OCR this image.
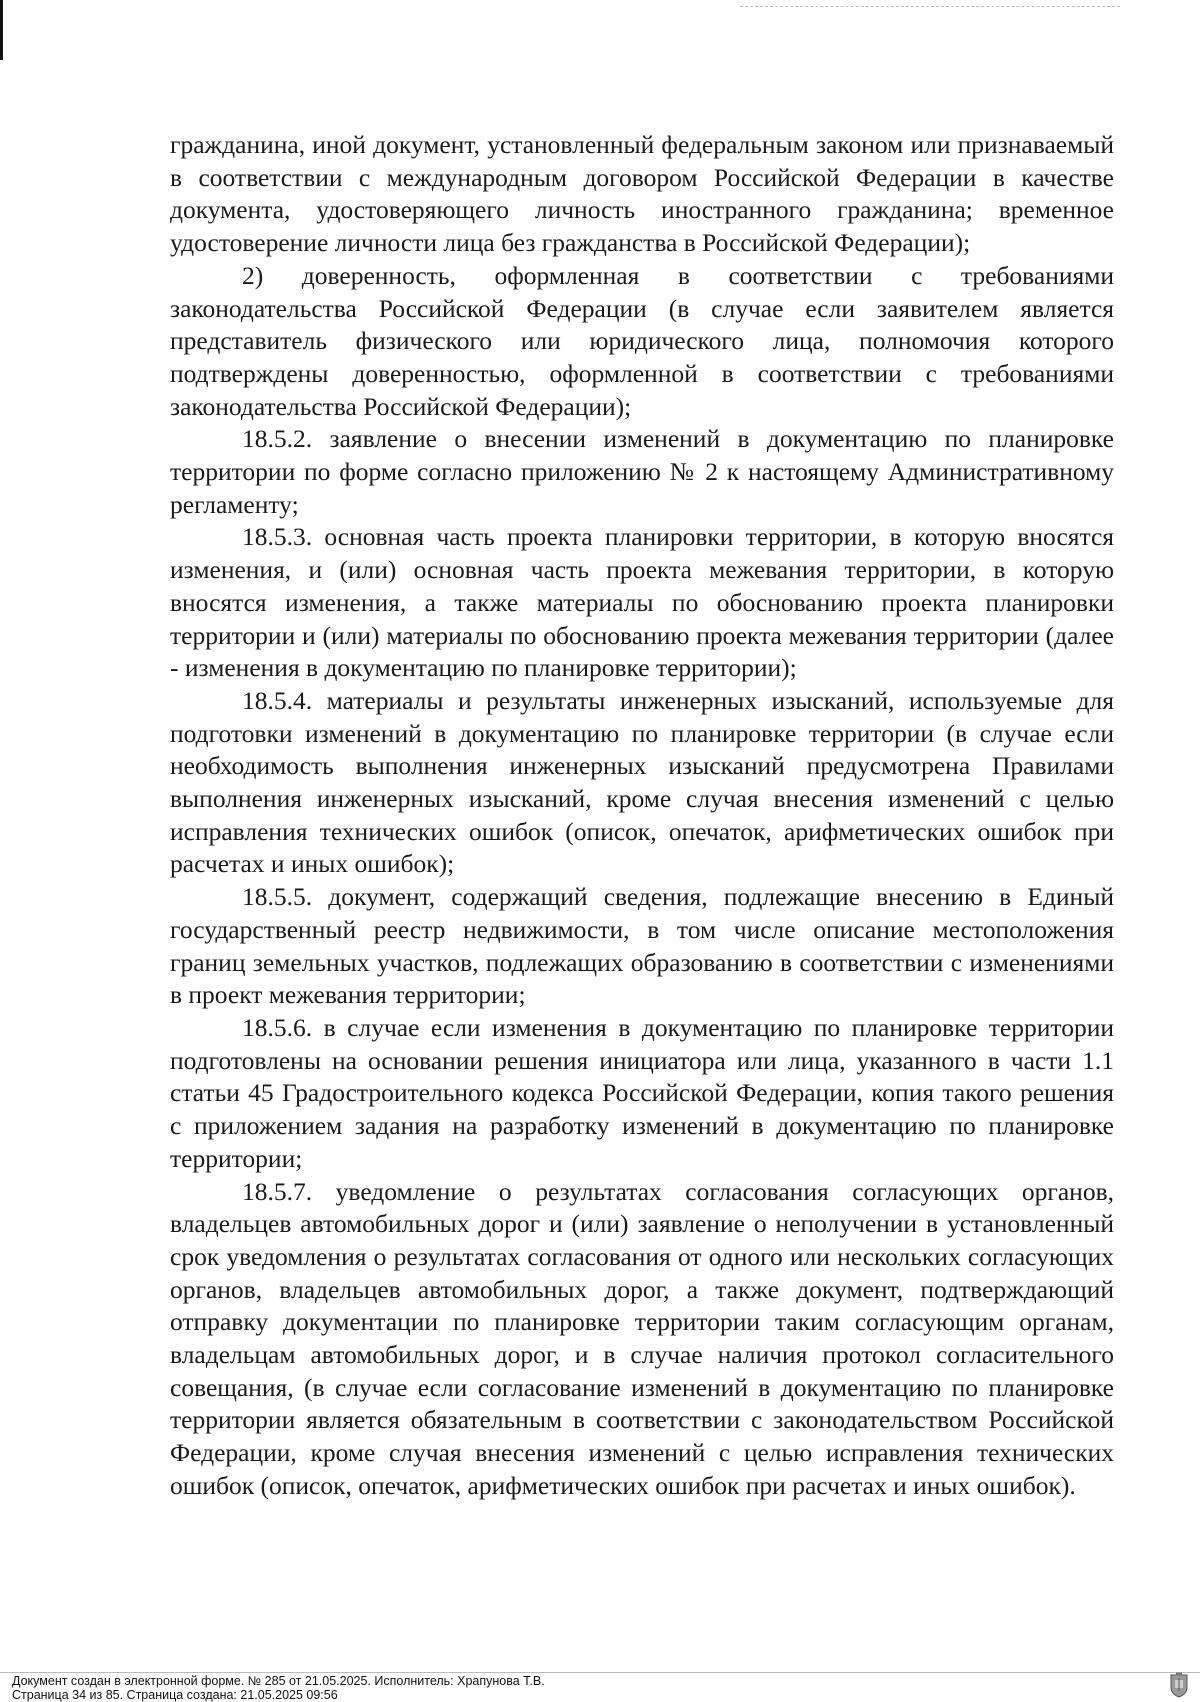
гражданина, иной документ, установленный федеральным законом или признаваемый в соответствии с международным договором Российской Федерации в качестве документа, удостоверяющего личность иностранного гражданина; временное удостоверение личности лица без гражданства в Российской Федерации);

2) доверенность, оформленная в соответствии с требованиями законодательства Российской Федерации (в случае если заявителем является представитель физического или юридического лица, полномочия которого подтверждены доверенностью, оформленной в соответствии с требованиями законодательства Российской Федерации);

18.5.2. заявление о внесении изменений в документацию по планировке территории по форме согласно приложению № 2 к настоящему Административному регламенту;

18.5.3. основная часть проекта планировки территории, в которую вносятся изменения, и (или) основная часть проекта межевания территории, в которую вносятся изменения, а также материалы по обоснованию проекта планировки территории и (или) материалы по обоснованию проекта межевания территории (далее - изменения в документацию по планировке территории);

18.5.4. материалы и результаты инженерных изысканий, используемые для подготовки изменений в документацию по планировке территории (в случае если необходимость выполнения инженерных изысканий предусмотрена Правилами выполнения инженерных изысканий, кроме случая внесения изменений с целью исправления технических ошибок (описок, опечаток, арифметических ошибок при расчетах и иных ошибок);

18.5.5. документ, содержащий сведения, подлежащие внесению в Единый государственный реестр недвижимости, в том числе описание местоположения границ земельных участков, подлежащих образованию в соответствии с изменениями в проект межевания территории;

18.5.6. в случае если изменения в документацию по планировке территории подготовлены на основании решения инициатора или лица, указанного в части 1.1 статьи 45 Градостроительного кодекса Российской Федерации, копия такого решения с приложением задания на разработку изменений в документацию по планировке территории;

18.5.7. уведомление о результатах согласования согласующих органов, владельцев автомобильных дорог и (или) заявление о неполучении в установленный срок уведомления о результатах согласования от одного или нескольких согласующих органов, владельцев автомобильных дорог, а также документ, подтверждающий отправку документации по планировке территории таким согласующим органам, владельцам автомобильных дорог, и в случае наличия протокол согласительного совещания, (в случае если согласование изменений в документацию по планировке территории является обязательным в соответствии с законодательством Российской Федерации, кроме случая внесения изменений с целью исправления технических ошибок (описок, опечаток, арифметических ошибок при расчетах и иных ошибок).

Документ создан в электронной форме. № 285 от 21.05.2025. Исполнитель: Храпунова Т.В.

Страница 34 из 85. Страница создана: 21.05.2025 09:56
